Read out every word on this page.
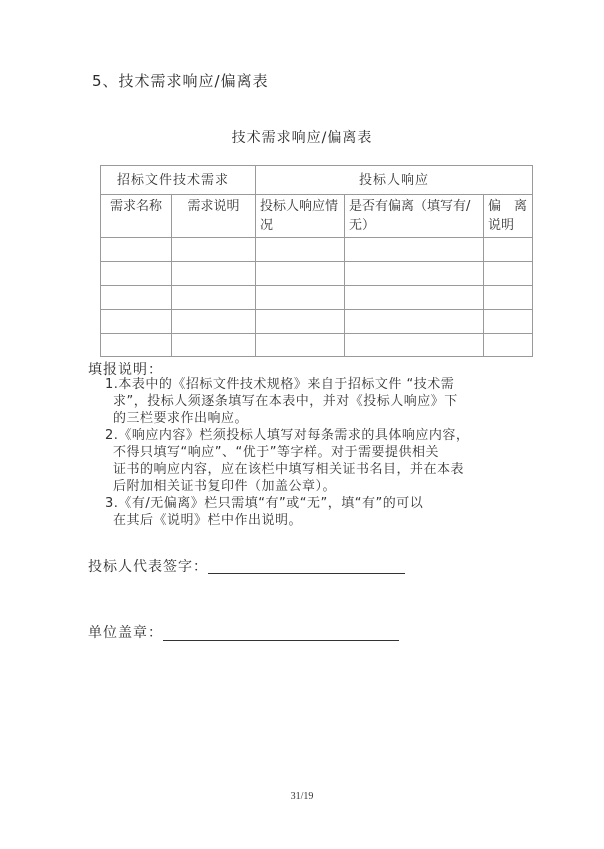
5、技术需求响应/偏离表
技术需求响应/偏离表
招标文件技术需求		投标人响应		
需求名称	需求说明	投标人响应情况	是否有偏离（填写有/无）	偏　离说明

填报说明：
1.本表中的《招标文件技术规格》来自于招标文件 “技术需
求”，投标人须逐条填写在本表中，并对《投标人响应》下
的三栏要求作出响应。
2.《响应内容》栏须投标人填写对每条需求的具体响应内容，
不得只填写“响应”、“优于”等字样。对于需要提供相关
证书的响应内容，应在该栏中填写相关证书名目，并在本表
后附加相关证书复印件（加盖公章）。
3.《有/无偏离》栏只需填“有”或“无”，填“有”的可以
在其后《说明》栏中作出说明。
投标人代表签字：
单位盖章：
31/19
